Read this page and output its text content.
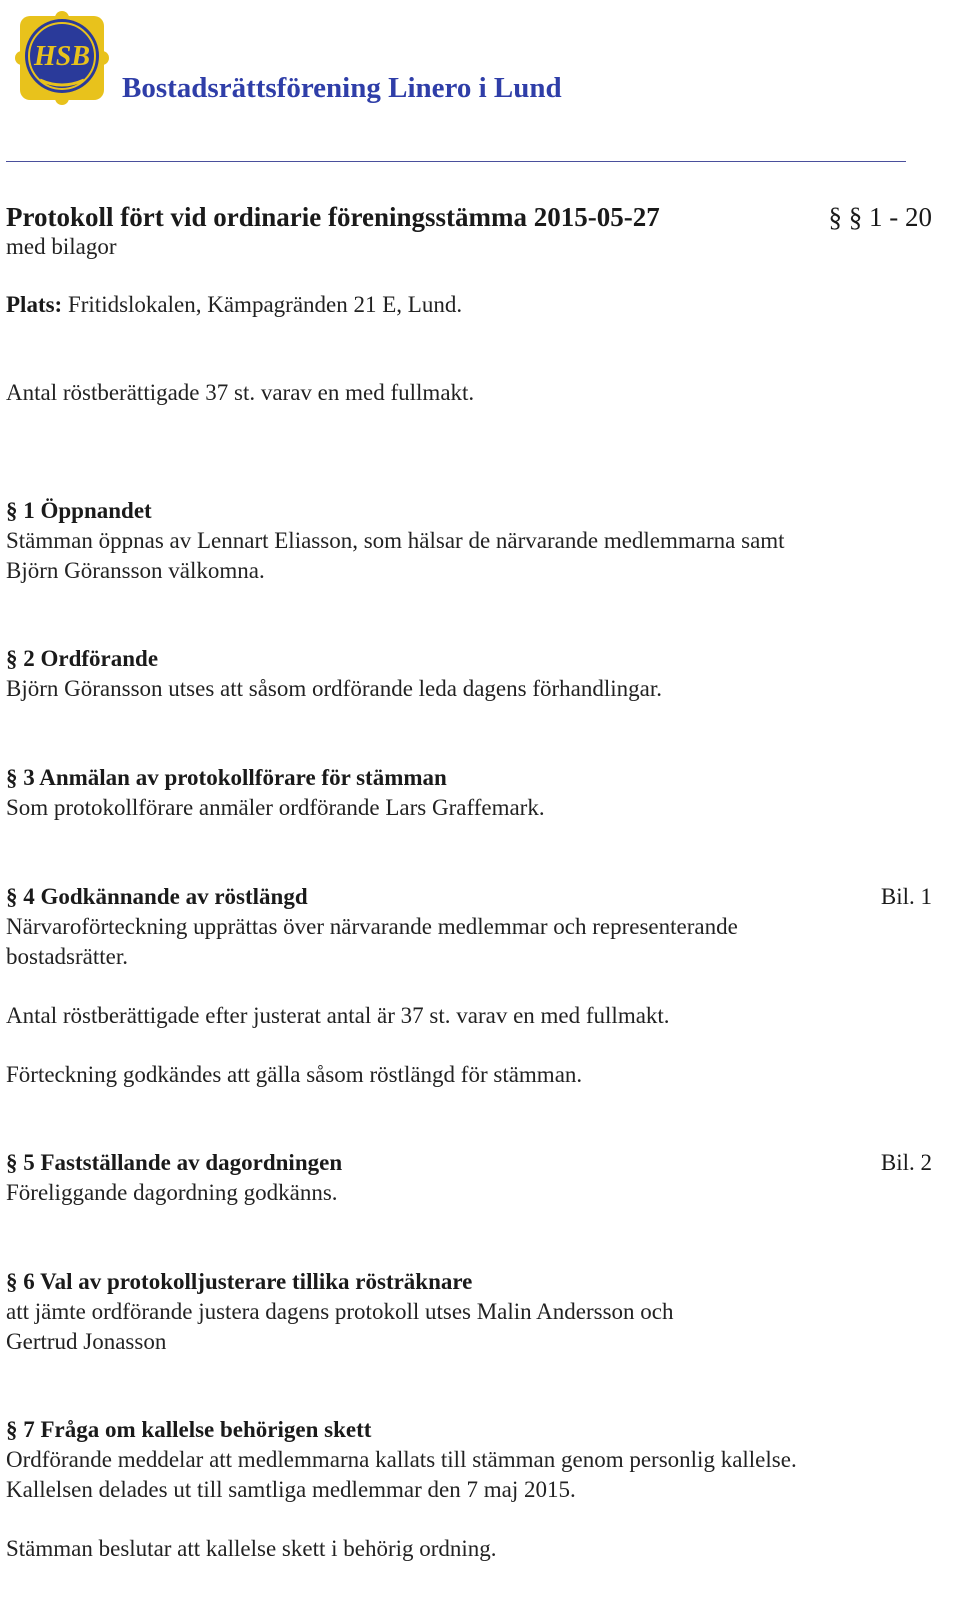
HSB
Bostadsrättsförening Linero i Lund
Protokoll fört vid ordinarie föreningsstämma 2015-05-27	§ § 1 - 20

med bilagor

Plats: Fritidslokalen, Kämpagränden 21 E, Lund.

Antal röstberättigade 37 st. varav en med fullmakt.

§ 1 Öppnandet

Stämman öppnas av Lennart Eliasson, som hälsar de närvarande medlemmarna samt

Björn Göransson välkomna.

§ 2 Ordförande

Björn Göransson utses att såsom ordförande leda dagens förhandlingar.

§ 3 Anmälan av protokollförare för stämman

Som protokollförare anmäler ordförande Lars Graffemark.

§ 4 Godkännande av röstlängd	Bil. 1

Närvaroförteckning upprättas över närvarande medlemmar och representerande

bostadsrätter.

Antal röstberättigade efter justerat antal är 37 st. varav en med fullmakt.

Förteckning godkändes att gälla såsom röstlängd för stämman.

§ 5 Fastställande av dagordningen	Bil. 2

Föreliggande dagordning godkänns.

§ 6 Val av protokolljusterare tillika rösträknare

att jämte ordförande justera dagens protokoll utses Malin Andersson och

Gertrud Jonasson

§ 7 Fråga om kallelse behörigen skett

Ordförande meddelar att medlemmarna kallats till stämman genom personlig kallelse.

Kallelsen delades ut till samtliga medlemmar den 7 maj 2015.

Stämman beslutar att kallelse skett i behörig ordning.
